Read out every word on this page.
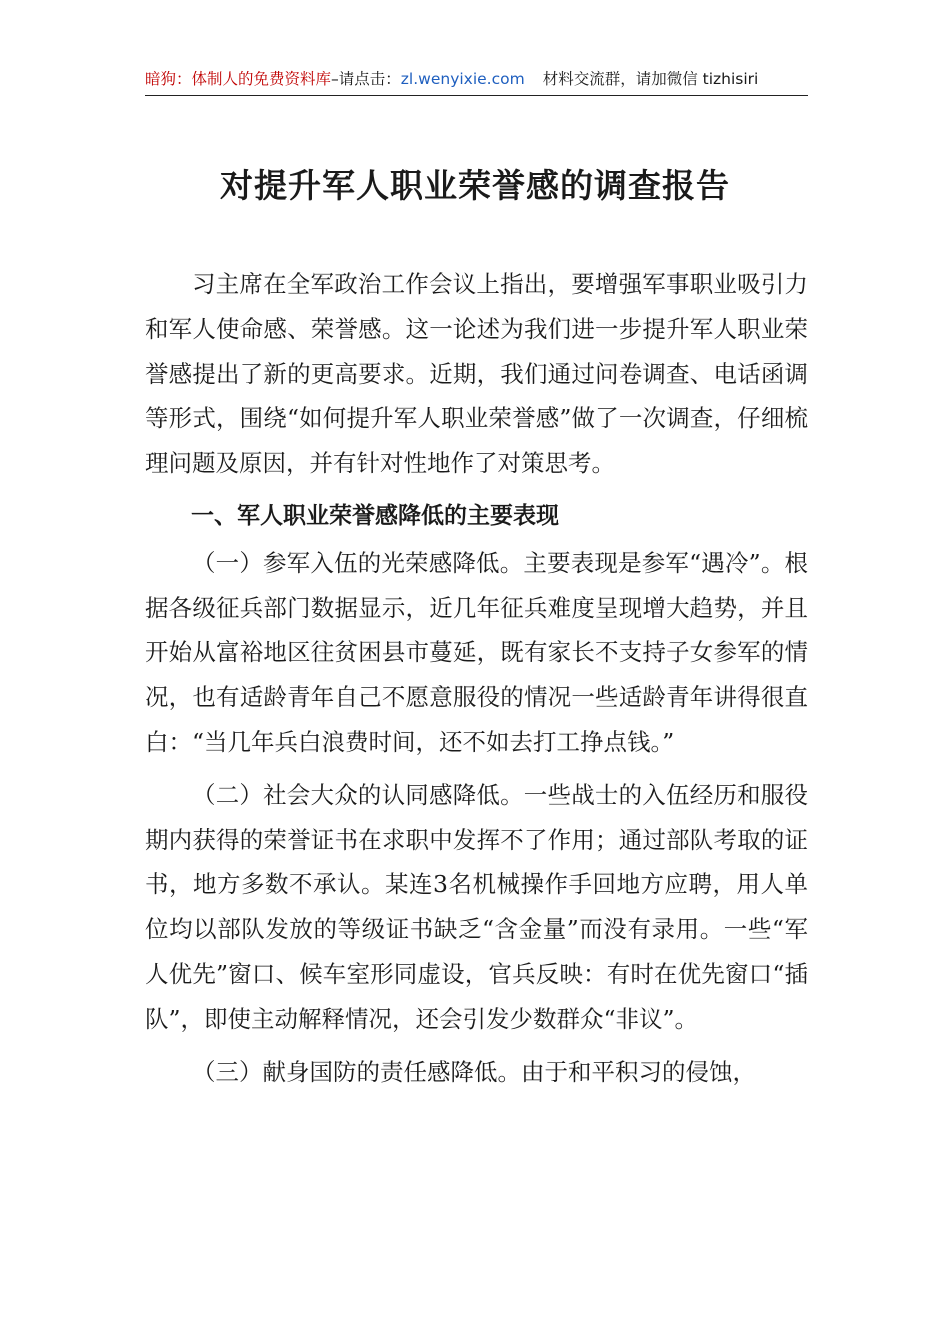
暗狗：体制人的免费资料库–请点击：zl.wenyixie.com 材料交流群，请加微信 tizhisiri
对提升军人职业荣誉感的调查报告

习主席在全军政治工作会议上指出，要增强军事职业吸引力和军人使命感、荣誉感。这一论述为我们进一步提升军人职业荣誉感提出了新的更高要求。近期，我们通过问卷调查、电话函调等形式，围绕“如何提升军人职业荣誉感”做了一次调查，仔细梳理问题及原因，并有针对性地作了对策思考。

一、军人职业荣誉感降低的主要表现

（一）参军入伍的光荣感降低。主要表现是参军“遇冷”。根据各级征兵部门数据显示，近几年征兵难度呈现增大趋势，并且开始从富裕地区往贫困县市蔓延，既有家长不支持子女参军的情况，也有适龄青年自己不愿意服役的情况一些适龄青年讲得很直白：“当几年兵白浪费时间，还不如去打工挣点钱。”

（二）社会大众的认同感降低。一些战士的入伍经历和服役期内获得的荣誉证书在求职中发挥不了作用；通过部队考取的证书，地方多数不承认。某连3名机械操作手回地方应聘，用人单位均以部队发放的等级证书缺乏“含金量”而没有录用。一些“军人优先”窗口、候车室形同虚设，官兵反映：有时在优先窗口“插队”，即使主动解释情况，还会引发少数群众“非议”。

（三）献身国防的责任感降低。由于和平积习的侵蚀，
